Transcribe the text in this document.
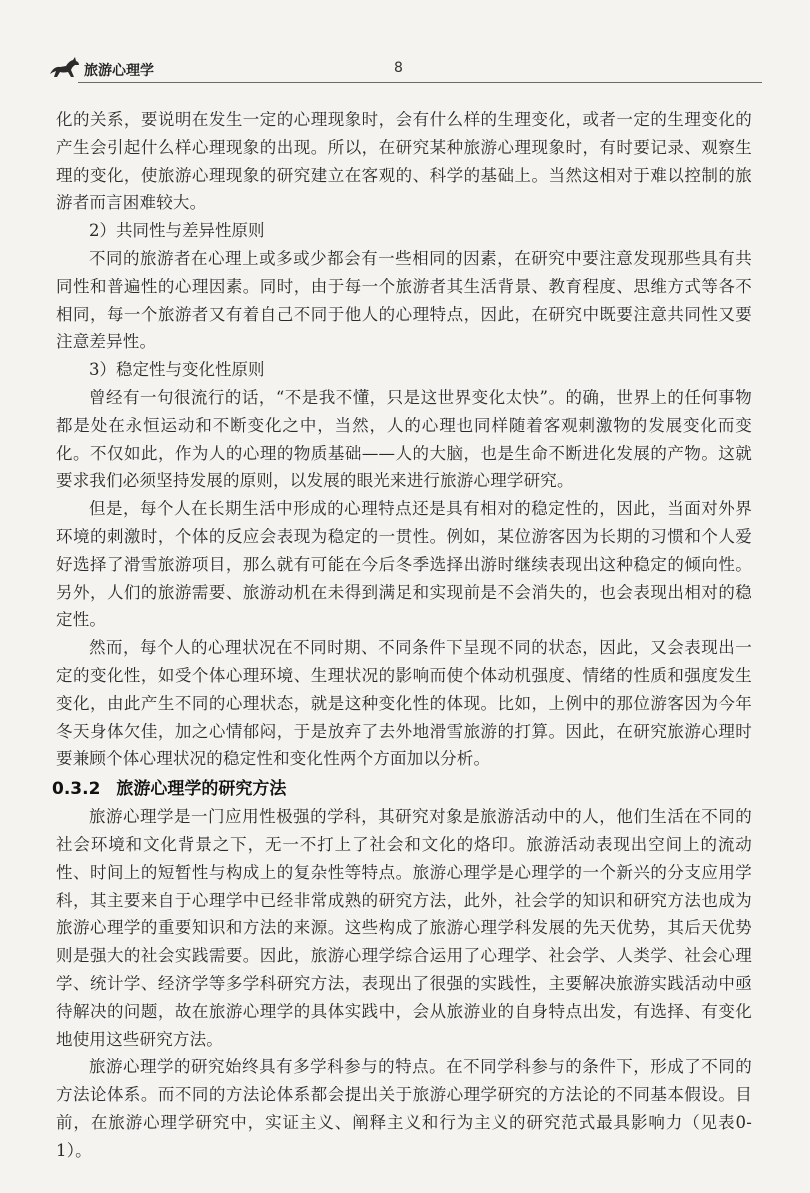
旅游心理学	8

化的关系，要说明在发生一定的心理现象时，会有什么样的生理变化，或者一定的生理变化的产生会引起什么样心理现象的出现。所以，在研究某种旅游心理现象时，有时要记录、观察生理的变化，使旅游心理现象的研究建立在客观的、科学的基础上。当然这相对于难以控制的旅游者而言困难较大。

2）共同性与差异性原则

不同的旅游者在心理上或多或少都会有一些相同的因素，在研究中要注意发现那些具有共同性和普遍性的心理因素。同时，由于每一个旅游者其生活背景、教育程度、思维方式等各不相同，每一个旅游者又有着自己不同于他人的心理特点，因此，在研究中既要注意共同性又要注意差异性。

3）稳定性与变化性原则

曾经有一句很流行的话，“不是我不懂，只是这世界变化太快”。的确，世界上的任何事物都是处在永恒运动和不断变化之中，当然，人的心理也同样随着客观刺激物的发展变化而变化。不仅如此，作为人的心理的物质基础——人的大脑，也是生命不断进化发展的产物。这就要求我们必须坚持发展的原则，以发展的眼光来进行旅游心理学研究。

但是，每个人在长期生活中形成的心理特点还是具有相对的稳定性的，因此，当面对外界环境的刺激时，个体的反应会表现为稳定的一贯性。例如，某位游客因为长期的习惯和个人爱好选择了滑雪旅游项目，那么就有可能在今后冬季选择出游时继续表现出这种稳定的倾向性。另外，人们的旅游需要、旅游动机在未得到满足和实现前是不会消失的，也会表现出相对的稳定性。

然而，每个人的心理状况在不同时期、不同条件下呈现不同的状态，因此，又会表现出一定的变化性，如受个体心理环境、生理状况的影响而使个体动机强度、情绪的性质和强度发生变化，由此产生不同的心理状态，就是这种变化性的体现。比如，上例中的那位游客因为今年冬天身体欠佳，加之心情郁闷，于是放弃了去外地滑雪旅游的打算。因此，在研究旅游心理时要兼顾个体心理状况的稳定性和变化性两个方面加以分析。

0.3.2 旅游心理学的研究方法

旅游心理学是一门应用性极强的学科，其研究对象是旅游活动中的人，他们生活在不同的社会环境和文化背景之下，无一不打上了社会和文化的烙印。旅游活动表现出空间上的流动性、时间上的短暂性与构成上的复杂性等特点。旅游心理学是心理学的一个新兴的分支应用学科，其主要来自于心理学中已经非常成熟的研究方法，此外，社会学的知识和研究方法也成为旅游心理学的重要知识和方法的来源。这些构成了旅游心理学科发展的先天优势，其后天优势则是强大的社会实践需要。因此，旅游心理学综合运用了心理学、社会学、人类学、社会心理学、统计学、经济学等多学科研究方法，表现出了很强的实践性，主要解决旅游实践活动中亟待解决的问题，故在旅游心理学的具体实践中，会从旅游业的自身特点出发，有选择、有变化地使用这些研究方法。

旅游心理学的研究始终具有多学科参与的特点。在不同学科参与的条件下，形成了不同的方法论体系。而不同的方法论体系都会提出关于旅游心理学研究的方法论的不同基本假设。目前，在旅游心理学研究中，实证主义、阐释主义和行为主义的研究范式最具影响力（见表0-1）。
